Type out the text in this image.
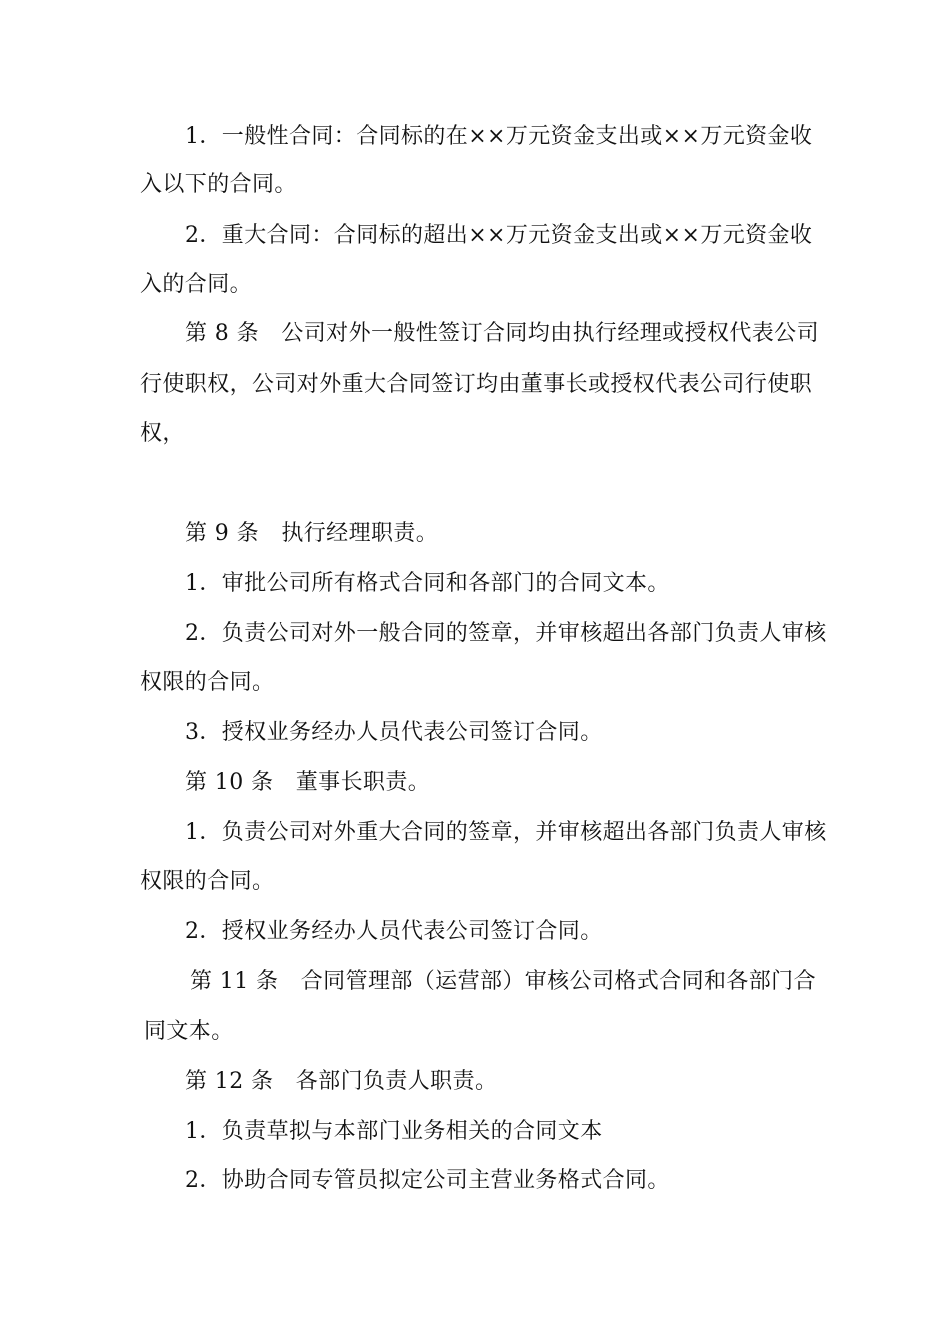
1．一般性合同：合同标的在××万元资金支出或××万元资金收
入以下的合同。
2．重大合同：合同标的超出××万元资金支出或××万元资金收
入的合同。
第 8 条　公司对外一般性签订合同均由执行经理或授权代表公司
行使职权，公司对外重大合同签订均由董事长或授权代表公司行使职
权，
第 9 条　执行经理职责。
1．审批公司所有格式合同和各部门的合同文本。
2．负责公司对外一般合同的签章，并审核超出各部门负责人审核
权限的合同。
3．授权业务经办人员代表公司签订合同。
第 10 条　董事长职责。
1．负责公司对外重大合同的签章，并审核超出各部门负责人审核
权限的合同。
2．授权业务经办人员代表公司签订合同。
第 11 条　合同管理部（运营部）审核公司格式合同和各部门合
同文本。
第 12 条　各部门负责人职责。
1．负责草拟与本部门业务相关的合同文本
2．协助合同专管员拟定公司主营业务格式合同。
